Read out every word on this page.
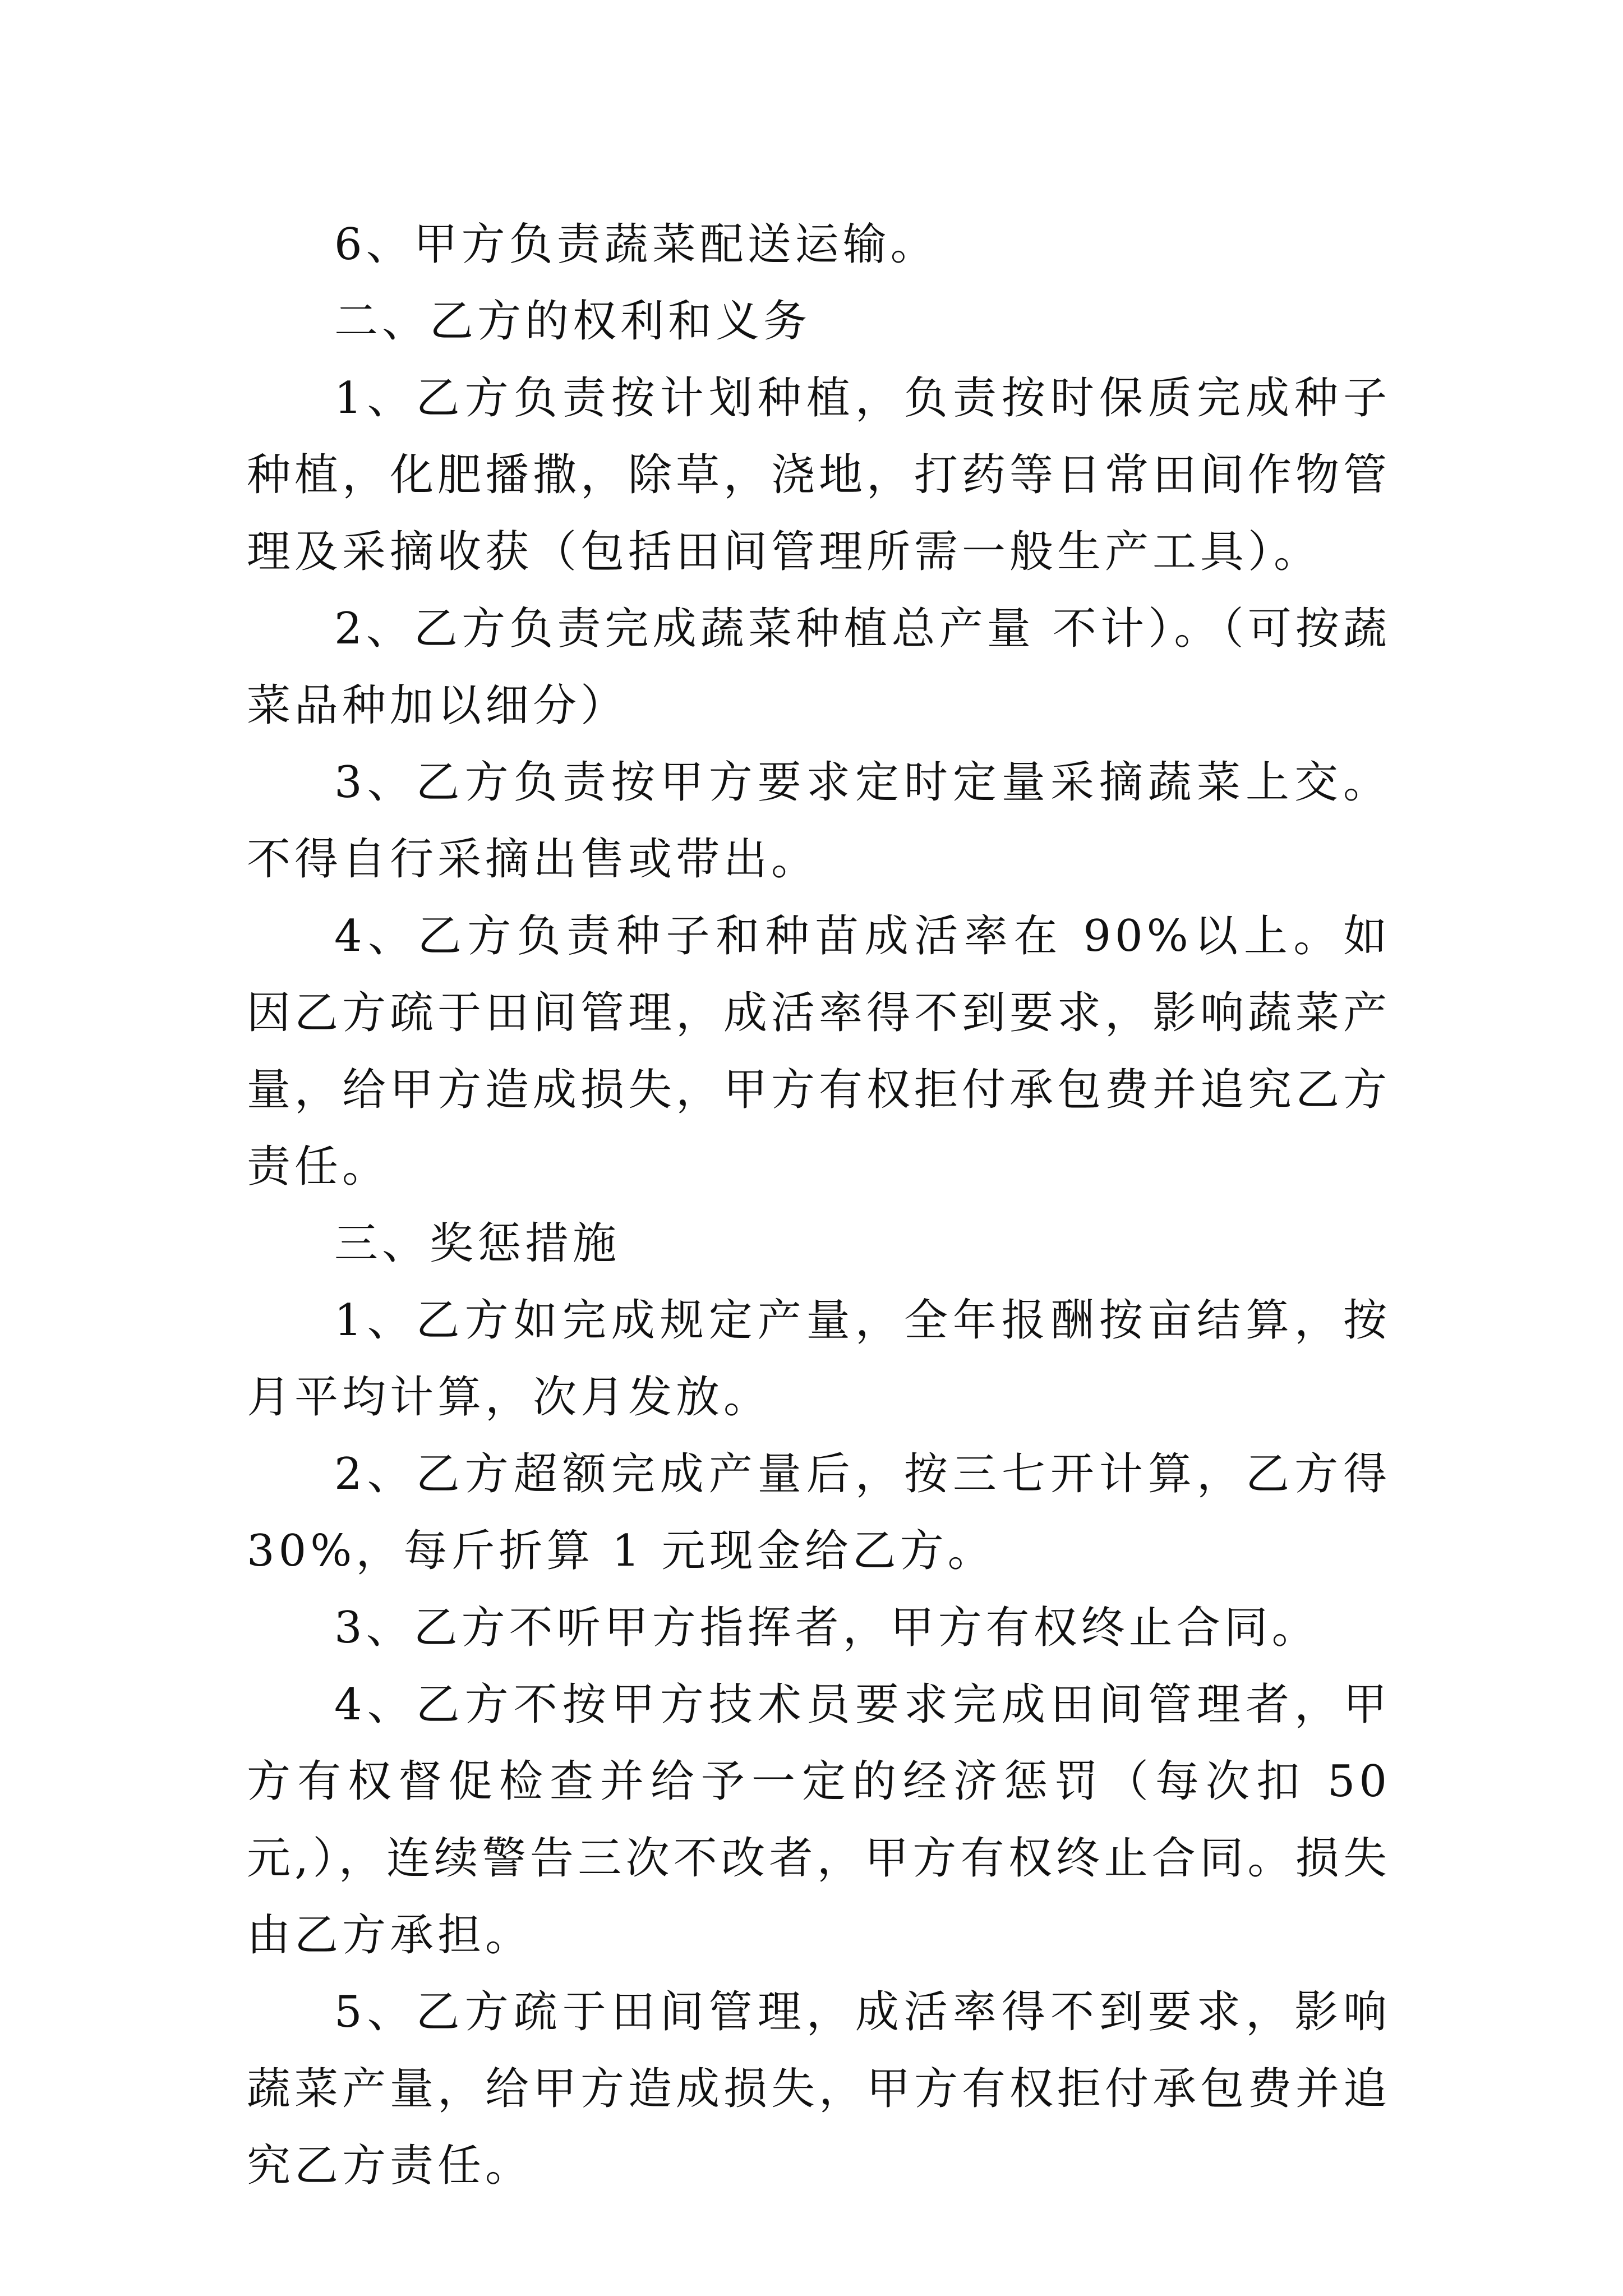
6、甲方负责蔬菜配送运输。

二、乙方的权利和义务

1、乙方负责按计划种植，负责按时保质完成种子种植，化肥播撒，除草，浇地，打药等日常田间作物管理及采摘收获（包括田间管理所需一般生产工具）。

2、乙方负责完成蔬菜种植总产量 不计）。（可按蔬菜品种加以细分）

3、乙方负责按甲方要求定时定量采摘蔬菜上交。不得自行采摘出售或带出。

4、乙方负责种子和种苗成活率在 90%以上。如因乙方疏于田间管理，成活率得不到要求，影响蔬菜产量，给甲方造成损失，甲方有权拒付承包费并追究乙方责任。

三、奖惩措施

1、乙方如完成规定产量，全年报酬按亩结算，按月平均计算，次月发放。

2、乙方超额完成产量后，按三七开计算，乙方得 30%，每斤折算 1 元现金给乙方。

3、乙方不听甲方指挥者，甲方有权终止合同。

4、乙方不按甲方技术员要求完成田间管理者，甲方有权督促检查并给予一定的经济惩罚（每次扣 50 元,），连续警告三次不改者，甲方有权终止合同。损失由乙方承担。

5、乙方疏于田间管理，成活率得不到要求，影响蔬菜产量，给甲方造成损失，甲方有权拒付承包费并追究乙方责任。
